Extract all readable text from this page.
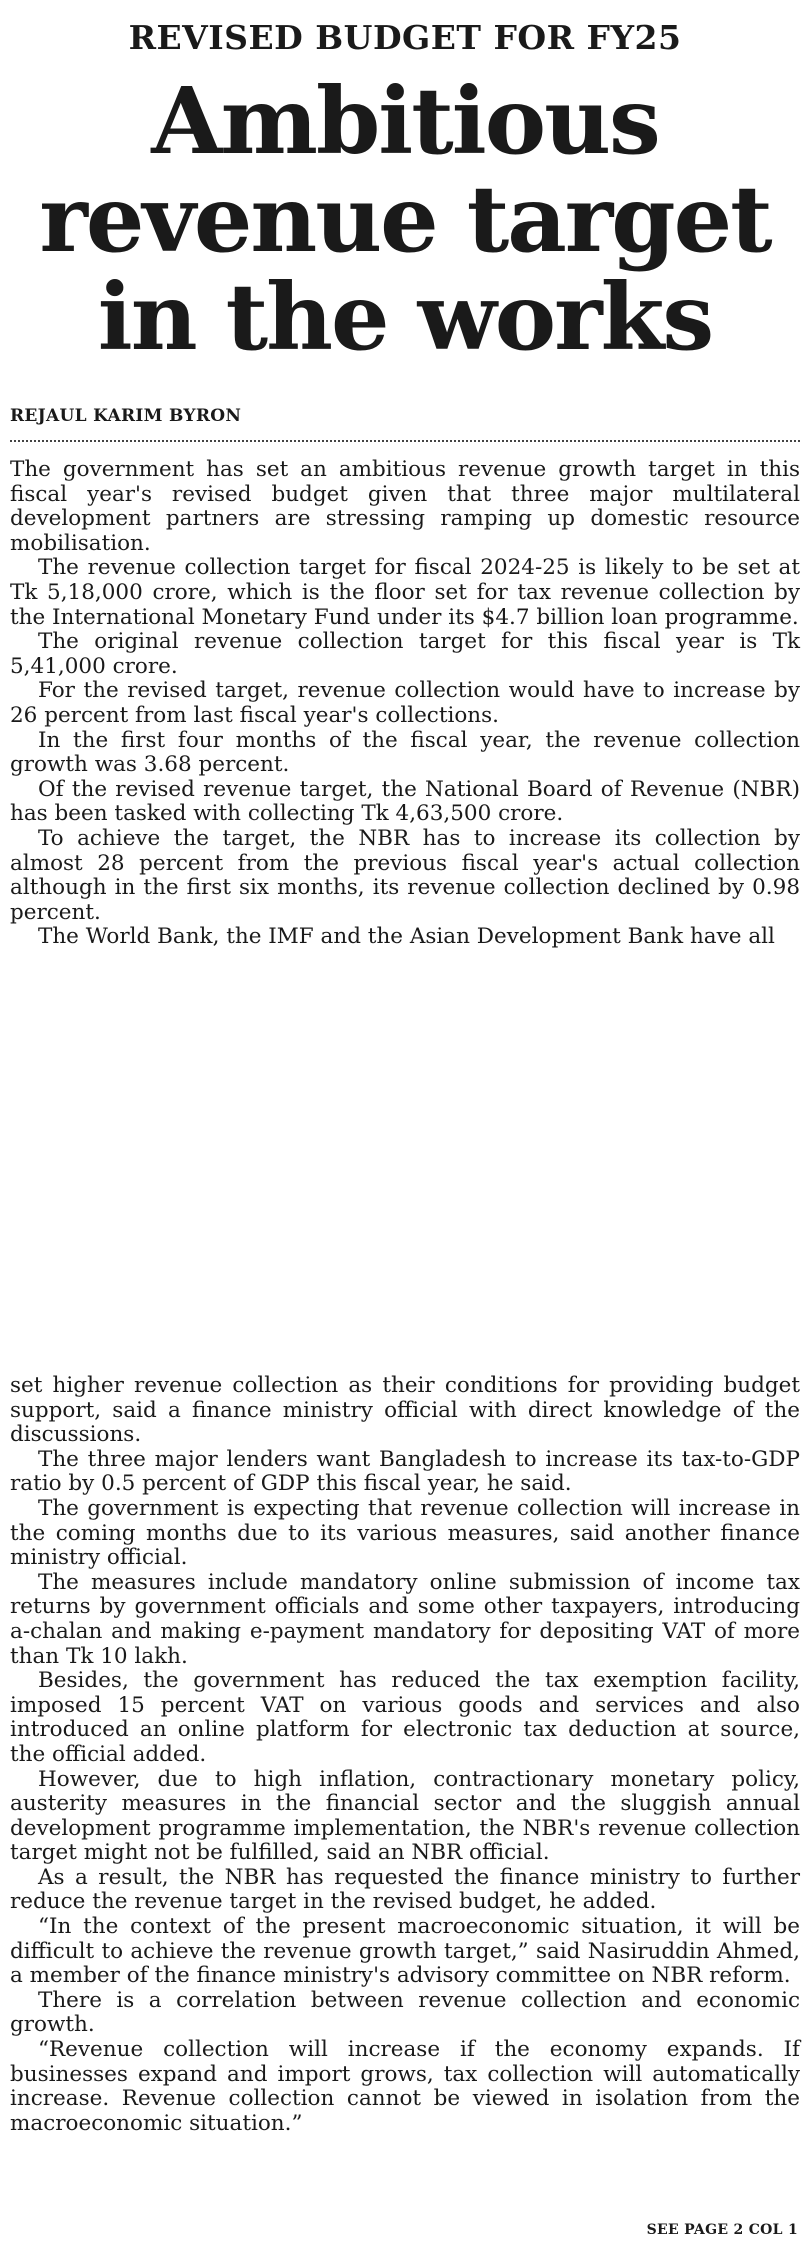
REVISED BUDGET FOR FY25
Ambitious
revenue target
in the works
REJAUL KARIM BYRON

The government has set an ambitious revenue growth target in this fiscal year's revised budget given that three major multilateral development partners are stressing ramping up domestic resource mobilisation.

The revenue collection target for fiscal 2024-25 is likely to be set at Tk 5,18,000 crore, which is the floor set for tax revenue collection by the International Monetary Fund under its $4.7 billion loan programme.

The original revenue collection target for this fiscal year is Tk 5,41,000 crore.

For the revised target, revenue collection would have to increase by 26 percent from last fiscal year's collections.

In the first four months of the fiscal year, the revenue collection growth was 3.68 percent.

Of the revised revenue target, the National Board of Revenue (NBR) has been tasked with collecting Tk 4,63,500 crore.

To achieve the target, the NBR has to increase its collection by almost 28 percent from the previous fiscal year's actual collection although in the first six months, its revenue collection declined by 0.98 percent.

The World Bank, the IMF and the Asian Development Bank have all

set higher revenue collection as their conditions for providing budget support, said a finance ministry official with direct knowledge of the discussions.

The three major lenders want Bangladesh to increase its tax-to-GDP ratio by 0.5 percent of GDP this fiscal year, he said.

The government is expecting that revenue collection will increase in the coming months due to its various measures, said another finance ministry official.

The measures include mandatory online submission of income tax returns by government officials and some other taxpayers, introducing a-chalan and making e-payment mandatory for depositing VAT of more than Tk 10 lakh.

Besides, the government has reduced the tax exemption facility, imposed 15 percent VAT on various goods and services and also introduced an online platform for electronic tax deduction at source, the official added.

However, due to high inflation, contractionary monetary policy, austerity measures in the financial sector and the sluggish annual development programme implementation, the NBR's revenue collection target might not be fulfilled, said an NBR official.

As a result, the NBR has requested the finance ministry to further reduce the revenue target in the revised budget, he added.

“In the context of the present macroeconomic situation, it will be difficult to achieve the revenue growth target,” said Nasiruddin Ahmed, a member of the finance ministry's advisory committee on NBR reform.

There is a correlation between revenue collection and economic growth.

“Revenue collection will increase if the economy expands. If businesses expand and import grows, tax collection will automatically increase. Revenue collection cannot be viewed in isolation from the macroeconomic situation.”

SEE PAGE 2 COL 1
